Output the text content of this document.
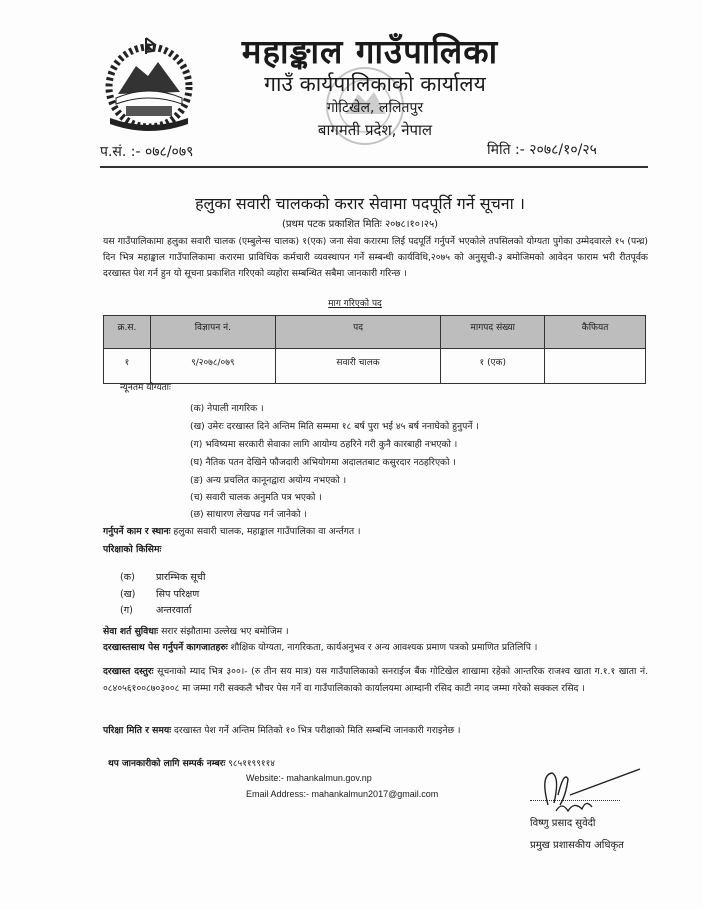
महाङ्काल गाउँपालिका
गाउँ कार्यपालिकाको कार्यालय
गोटिखेल, ललितपुर
बागमती प्रदेश, नेपाल
प.सं. :- ०७८/०७९	मिति :- २०७८/१०/२५
हलुका सवारी चालकको करार सेवामा पदपूर्ति गर्ने सूचना ।
(प्रथम पटक प्रकाशित मितिः २०७८।१०।२५)
यस गाउँपालिकामा हलुका सवारी चालक (एम्बुलेन्स चालक) १(एक) जना सेवा करारमा लिई पदपूर्ति गर्नुपर्ने भएकोले तपसिलको योग्यता पुगेका उम्मेदवारले १५ (पन्ध्र) दिन भित्र महाङ्काल गाउँपालिकामा करारमा प्राविधिक कर्मचारी व्यवस्थापन गर्ने सम्बन्धी कार्यविधि,२०७५ को अनुसूची-३ बमोजिमको आवेदन फाराम भरी रीतपूर्वक दरखास्त पेश गर्न हुन यो सूचना प्रकाशित गरिएको व्यहोरा सम्बन्धित सबैमा जानकारी गरिन्छ ।
माग गरिएको पद
क्र.स.	विज्ञापन नं.	पद	मागपद संख्या	कैफियत
१	९/२०७८/०७९	सवारी चालक	१ (एक)	
न्यूनतम योग्यताः
(क) नेपाली नागरिक ।
(ख) उमेरः दरखास्त दिने अन्तिम मिति सम्ममा १८ बर्ष पुरा भई ४५ बर्ष ननाघेको हुनुपर्ने ।
(ग) भविष्यमा सरकारी सेवाका लागि आयोग्य ठहरिने गरी कुनै कारबाही नभएको ।
(घ) नैतिक पतन देखिने फौजदारी अभियोगमा अदालतबाट कसुरदार नठहरिएको ।
(ङ) अन्य प्रचलित कानूनद्वारा अयोग्य नभएको ।
(च) सवारी चालक अनुमति पत्र भएको ।
(छ) साधारण लेखपढ गर्न जानेको ।
गर्नुपर्ने काम र स्थानः हलुका सवारी चालक, महाङ्काल गाउँपालिका वा अर्न्तगत ।
परिक्षाको किसिमः
(क) प्रारम्भिक सूची
(ख) सिप परिक्षण
(ग) अन्तरवार्ता
सेवा शर्त सुविधाः सरार संझौतामा उल्लेख भए बमोजिम ।
दरखास्तसाथ पेस गर्नुपर्ने कागजातहरुः शौक्षिक योग्यता, नागरिकता, कार्यअनुभव र अन्य आवश्यक प्रमाण पत्रको प्रमाणित प्रतिलिपि ।
दरखास्त दस्तुरः सूचनाको म्याद भित्र ३००।- (रु तीन सय मात्र) यस गाउँपालिकाको सनराईज बैंक गोटिखेल शाखामा रहेको आन्तरिक राजश्व खाता ग.१.१ खाता नं. ०८४०५६१००८७०३००८ मा जम्मा गरी सक्कलै भौचर पेस गर्ने वा गाउँपालिकाको कार्यालयमा आम्दानी रसिद काटी नगद जम्मा गरेको सक्कल रसिद ।
परिक्षा मिति र समयः दरखास्त पेश गर्ने अन्तिम मितिको १० भित्र परीक्षाको मिति सम्बन्धि जानकारी गराइनेछ ।
थप जानकारीको लागि सम्पर्क नम्बरः ९८५११९९११४
Website:- mahankalmun.gov.np
Email Address:- mahankalmun2017@gmail.com
विष्णु प्रसाद सुवेदी
प्रमुख प्रशासकीय अधिकृत
